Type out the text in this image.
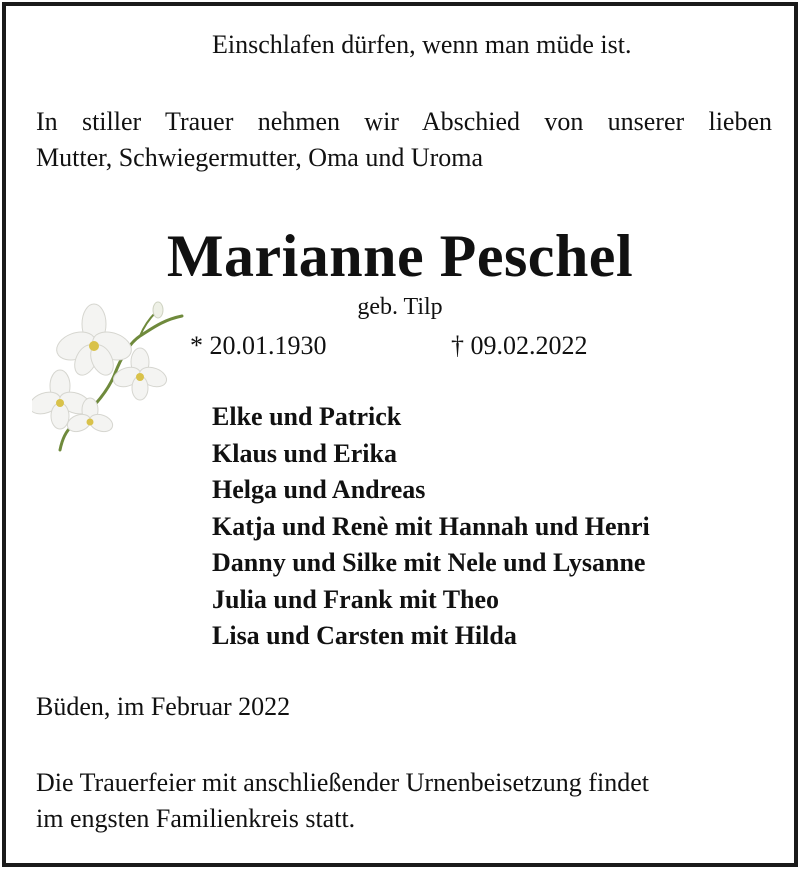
Einschlafen dürfen, wenn man müde ist.
In stiller Trauer nehmen wir Abschied von unserer lieben
Mutter, Schwiegermutter, Oma und Uroma
Marianne Peschel
geb. Tilp
* 20.01.1930	† 09.02.2022
Elke und Patrick
Klaus und Erika
Helga und Andreas
Katja und Renè mit Hannah und Henri
Danny und Silke mit Nele und Lysanne
Julia und Frank mit Theo
Lisa und Carsten mit Hilda
Büden, im Februar 2022
Die Trauerfeier mit anschließender Urnenbeisetzung findet
im engsten Familienkreis statt.
